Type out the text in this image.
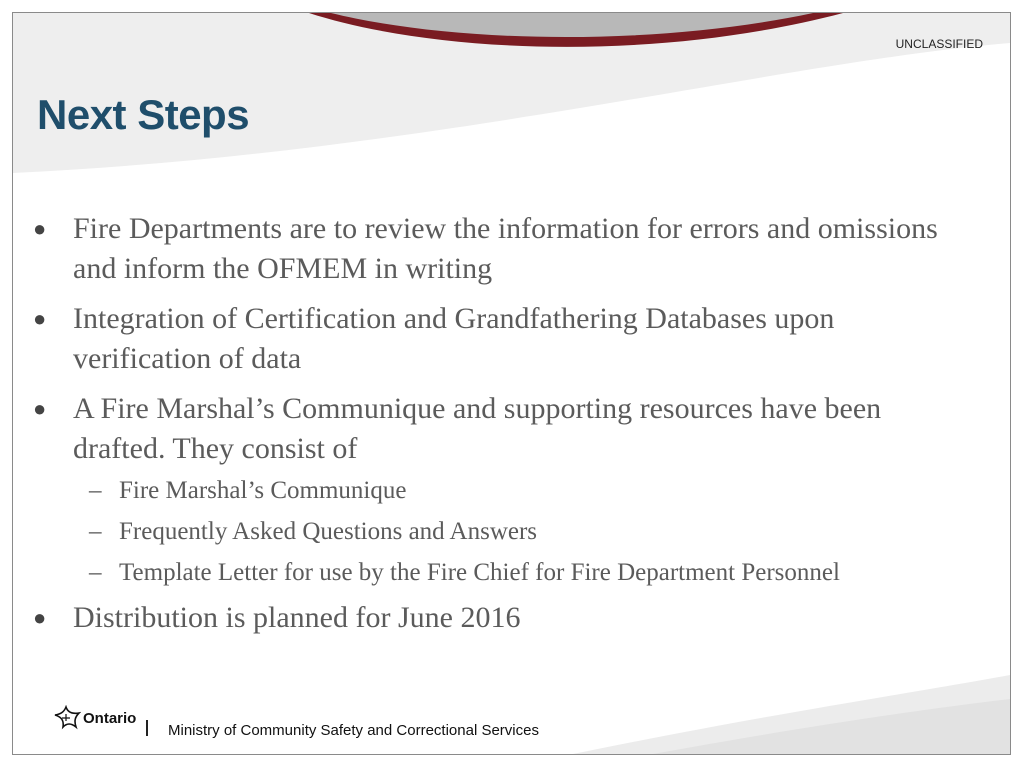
UNCLASSIFIED
Next Steps
● Fire Departments are to review the information for errors and omissions and inform the OFMEM in writing
● Integration of Certification and Grandfathering Databases upon verification of data
● A Fire Marshal’s Communique and supporting resources have been drafted. They consist of
– Fire Marshal’s Communique
– Frequently Asked Questions and Answers
– Template Letter for use by the Fire Chief for Fire Department Personnel
● Distribution is planned for June 2016
Ontario
Ministry of Community Safety and Correctional Services
